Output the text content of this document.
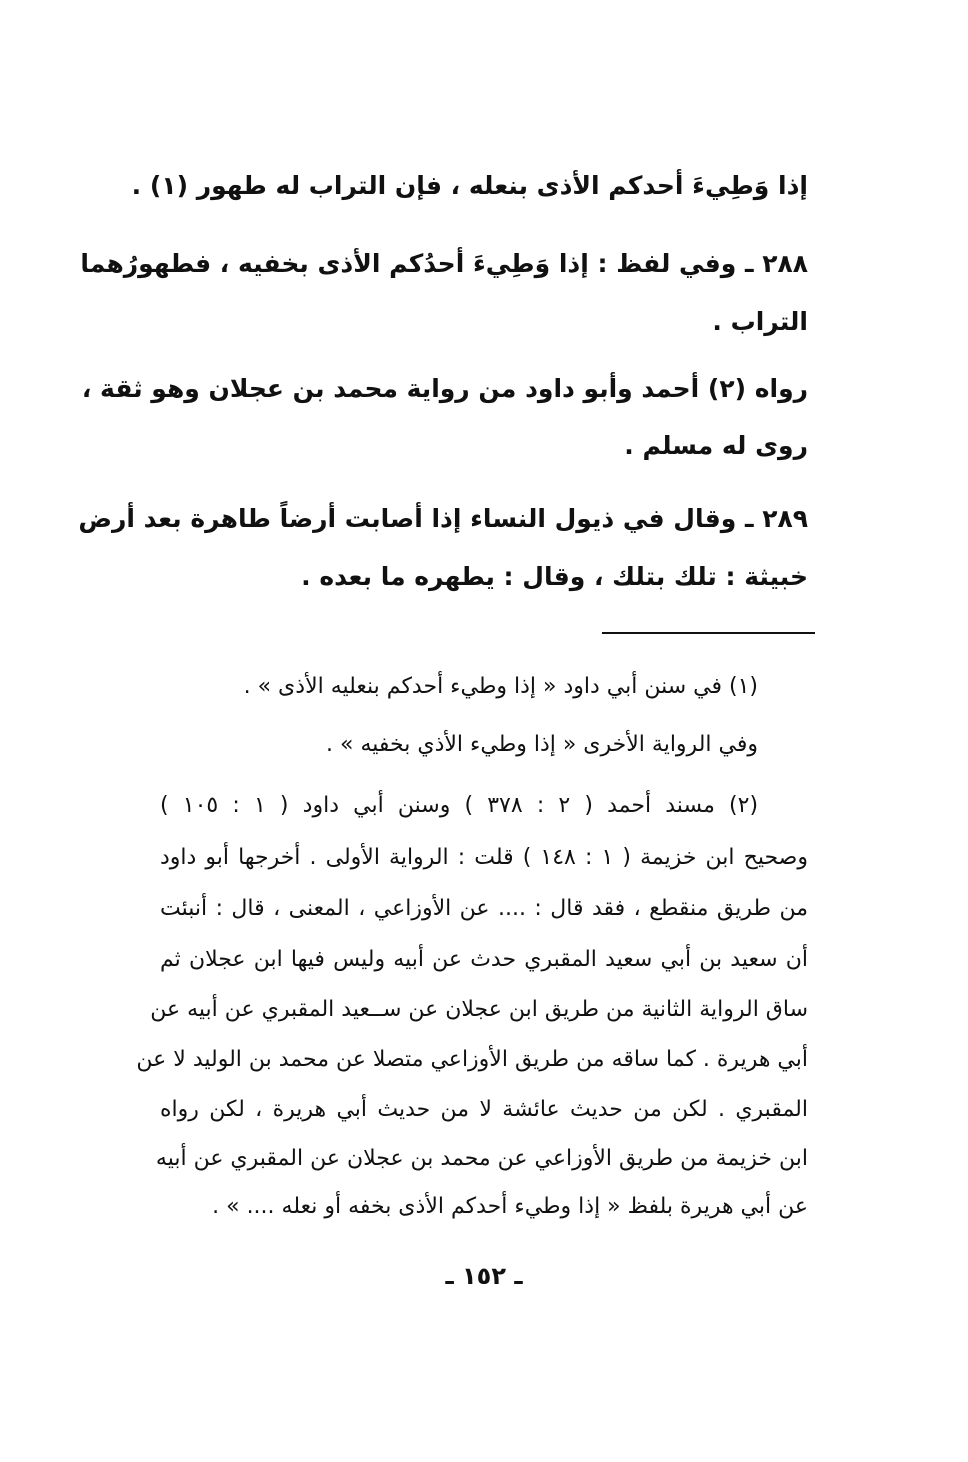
إذا وَطِيءَ أحدكم الأذى بنعله ، فإن التراب له طهور (١) .
٢٨٨ ـ وفي لفظ : إذا وَطِيءَ أحدُكم الأذى بخفيه ، فطهورُهما
التراب .
رواه (٢) أحمد وأبو داود من رواية محمد بن عجلان وهو ثقة ،
روى له مسلم .
٢٨٩ ـ وقال في ذيول النساء إذا أصابت أرضاً طاهرة بعد أرض
خبيثة : تلك بتلك ، وقال : يطهره ما بعده .
(١) في سنن أبي داود « إذا وطيء أحدكم بنعليه الأذى » .
وفي الرواية الأخرى « إذا وطيء الأذي بخفيه » .
(٢) مسند أحمد ( ٢ : ٣٧٨ ) وسنن أبي داود ( ١ : ١٠٥ )
وصحيح ابن خزيمة ( ١ : ١٤٨ ) قلت : الرواية الأولى . أخرجها أبو داود
من طريق منقطع ، فقد قال : .... عن الأوزاعي ، المعنى ، قال : أنبئت
أن سعيد بن أبي سعيد المقبري حدث عن أبيه وليس فيها ابن عجلان ثم
ساق الرواية الثانية من طريق ابن عجلان عن ســعيد المقبري عن أبيه عن
أبي هريرة . كما ساقه من طريق الأوزاعي متصلا عن محمد بن الوليد لا عن
المقبري . لكن من حديث عائشة لا من حديث أبي هريرة ، لكن رواه
ابن خزيمة من طريق الأوزاعي عن محمد بن عجلان عن المقبري عن أبيه
عن أبي هريرة بلفظ « إذا وطيء أحدكم الأذى بخفه أو نعله .... » .
ـ ١٥٢ ـ
